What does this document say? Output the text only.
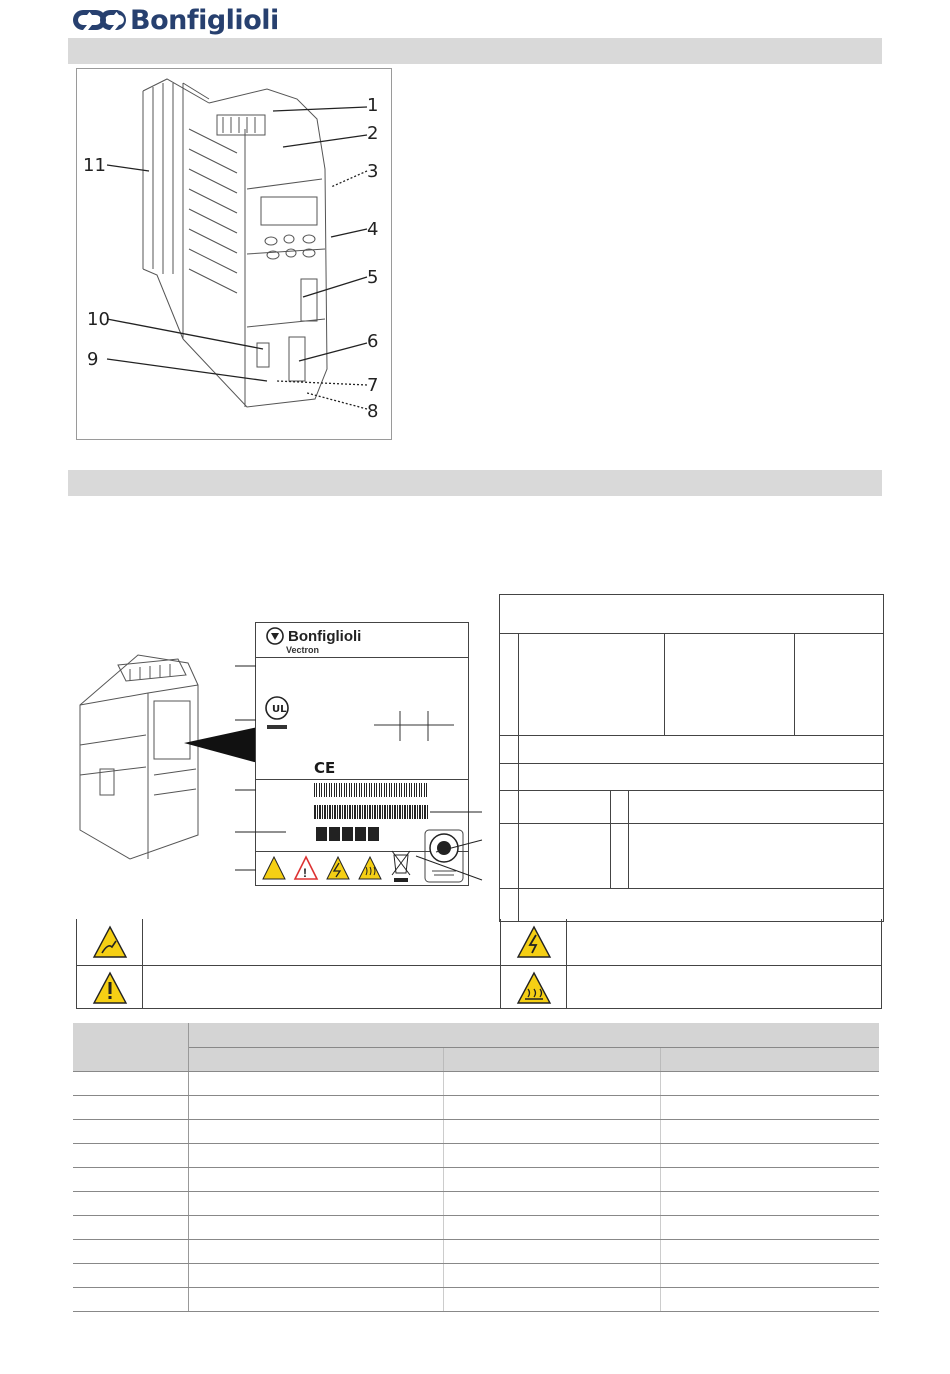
Bonfiglioli
1
2
3
4
5
6
7
8
9
10
11
Bonfiglioli
Vectron
UL
CE
!
